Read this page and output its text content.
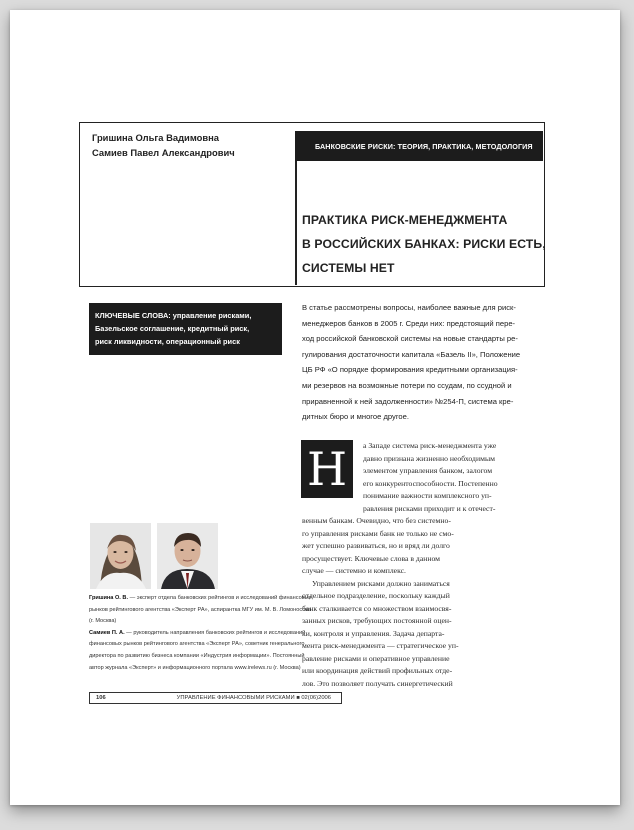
Гришина Ольга Вадимовна
Самиев Павел Александрович
БАНКОВСКИЕ РИСКИ: ТЕОРИЯ, ПРАКТИКА, МЕТОДОЛОГИЯ
ПРАКТИКА РИСК-МЕНЕДЖМЕНТА
В РОССИЙСКИХ БАНКАХ: РИСКИ ЕСТЬ,
СИСТЕМЫ НЕТ
КЛЮЧЕВЫЕ СЛОВА: управление рисками,
Базельское соглашение, кредитный риск,
риск ликвидности, операционный риск
В статье рассмотрены вопросы, наиболее важные для риск-
менеджеров банков в 2005 г. Среди них: предстоящий пере-
ход российской банковской системы на новые стандарты ре-
гулирования достаточности капитала «Базель II», Положение
ЦБ РФ «О порядке формирования кредитными организация-
ми резервов на возможные потери по ссудам, по ссудной и
приравненной к ней задолженности» №254-П, система кре-
дитных бюро и многое другое.
Н	а Западе система риск-менеджмента уже
давно признана жизненно необходимым
элементом управления банком, залогом
его конкурентоспособности. Постепенно
понимание важности комплексного уп-
равления рисками приходит и к отечест-
венным банкам. Очевидно, что без системно-
го управления рисками банк не только не смо-
жет успешно развиваться, но и вряд ли долго
просуществует. Ключевые слова в данном
случае — системно и комплекс.
Управлением рисками должно заниматься
отдельное подразделение, поскольку каждый
банк сталкивается со множеством взаимосвя-
занных рисков, требующих постоянной оцен-
ки, контроля и управления. Задача департа-
мента риск-менеджмента — стратегическое уп-
равление рисками и оперативное управление
или координация действий профильных отде-
лов. Это позволяет получать синергетический
Гришина О. В. — эксперт отдела банковских рейтингов и исследований финансовых
рынков рейтингового агентства «Эксперт РА», аспирантка МГУ им. М. В. Ломоносова
(г. Москва)
Самиев П. А. — руководитель направления банковских рейтингов и исследований
финансовых рынков рейтингового агентства «Эксперт РА», советник генерального
директора по развитию бизнеса компании «Индустрия информации». Постоянный
автор журнала «Эксперт» и информационного портала www.irelews.ru (г. Москва)
106	УПРАВЛЕНИЕ ФИНАНСОВЫМИ РИСКАМИ ■ 02(06)2006
